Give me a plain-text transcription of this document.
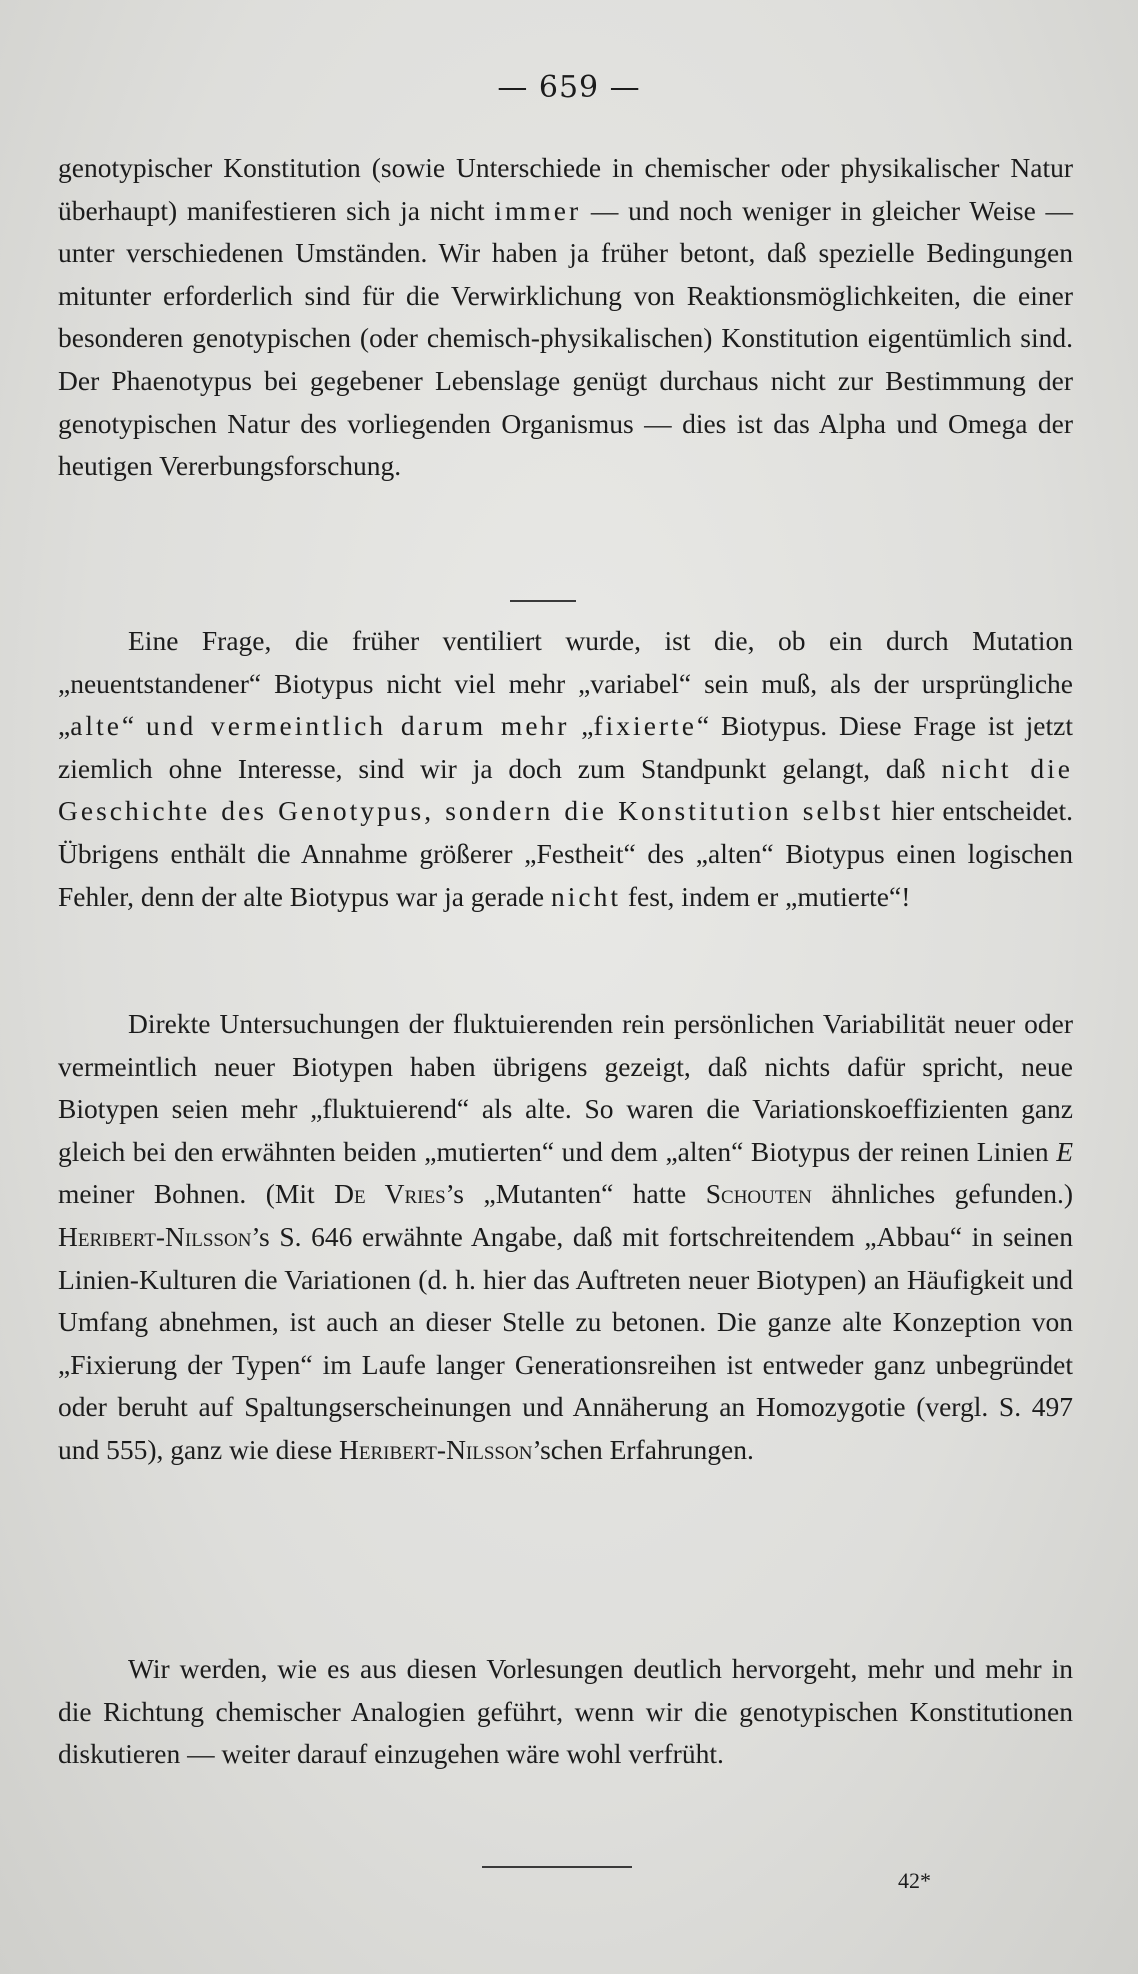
— 659 —

genotypischer Konstitution (sowie Unterschiede in chemischer oder physikalischer Natur überhaupt) manifestieren sich ja nicht immer — und noch weniger in gleicher Weise — unter verschiedenen Umständen. Wir haben ja früher betont, daß spezielle Bedingungen mitunter erforderlich sind für die Verwirklichung von Reaktionsmöglichkeiten, die einer besonderen genotypischen (oder chemisch-physikalischen) Konstitution eigentümlich sind. Der Phaenotypus bei gegebener Lebenslage genügt durchaus nicht zur Bestimmung der genotypischen Natur des vorliegenden Organismus — dies ist das Alpha und Omega der heutigen Vererbungsforschung.

Eine Frage, die früher ventiliert wurde, ist die, ob ein durch Mutation „neuentstandener“ Biotypus nicht viel mehr „variabel“ sein muß, als der ursprüngliche „alte“ und vermeintlich darum mehr „fixierte“ Biotypus. Diese Frage ist jetzt ziemlich ohne Interesse, sind wir ja doch zum Standpunkt gelangt, daß nicht die Geschichte des Genotypus, sondern die Konstitution selbst hier entscheidet. Übrigens enthält die Annahme größerer „Festheit“ des „alten“ Biotypus einen logischen Fehler, denn der alte Biotypus war ja gerade nicht fest, indem er „mutierte“!

Direkte Untersuchungen der fluktuierenden rein persönlichen Variabilität neuer oder vermeintlich neuer Biotypen haben übrigens gezeigt, daß nichts dafür spricht, neue Biotypen seien mehr „fluktuierend“ als alte. So waren die Variationskoeffizienten ganz gleich bei den erwähnten beiden „mutierten“ und dem „alten“ Biotypus der reinen Linien E meiner Bohnen. (Mit De Vries’s „Mutanten“ hatte Schouten ähnliches gefunden.) Heribert-Nilsson’s S. 646 erwähnte Angabe, daß mit fortschreitendem „Abbau“ in seinen Linien-Kulturen die Variationen (d. h. hier das Auftreten neuer Biotypen) an Häufigkeit und Umfang abnehmen, ist auch an dieser Stelle zu betonen. Die ganze alte Konzeption von „Fixierung der Typen“ im Laufe langer Generationsreihen ist entweder ganz unbegründet oder beruht auf Spaltungserscheinungen und Annäherung an Homozygotie (vergl. S. 497 und 555), ganz wie diese Heribert-Nilsson’schen Erfahrungen.

Wir werden, wie es aus diesen Vorlesungen deutlich hervorgeht, mehr und mehr in die Richtung chemischer Analogien geführt, wenn wir die genotypischen Konstitutionen diskutieren — weiter darauf einzugehen wäre wohl verfrüht.

42*
